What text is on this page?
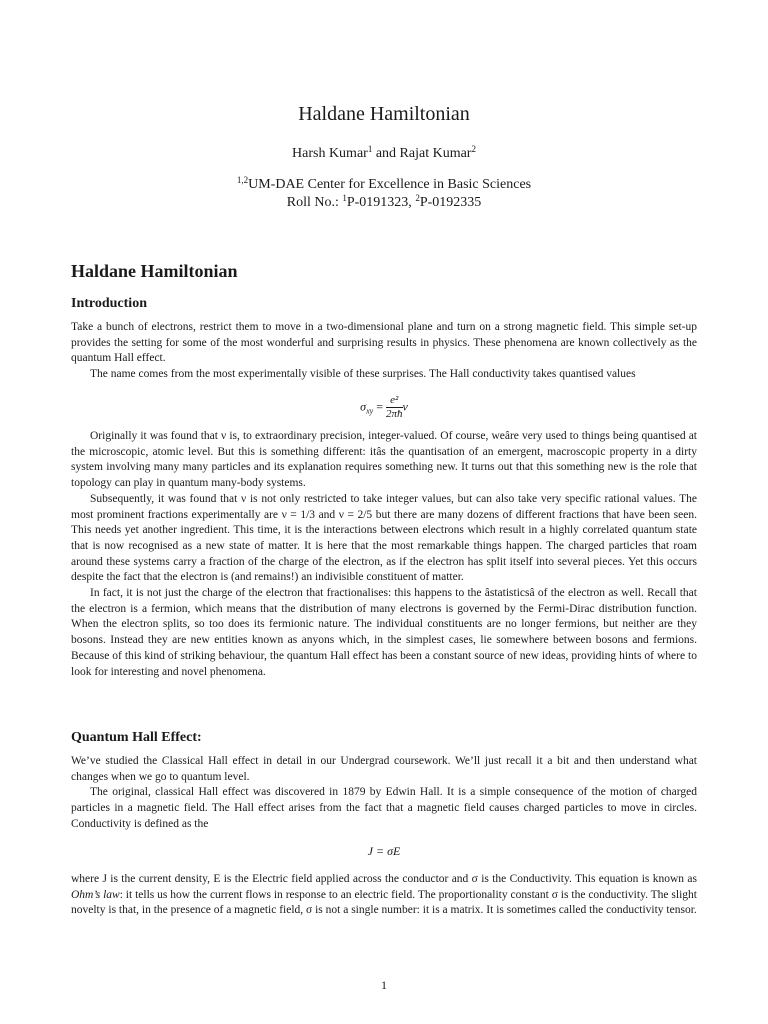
Haldane Hamiltonian
Harsh Kumar$^1$ and Rajat Kumar$^2$
$^{1,2}$UM-DAE Center for Excellence in Basic Sciences
Roll No.: $^1$P-0191323, $^2$P-0192335
Haldane Hamiltonian
Introduction

Take a bunch of electrons, restrict them to move in a two-dimensional plane and turn on a strong magnetic field. This simple set-up provides the setting for some of the most wonderful and surprising results in physics. These phenomena are known collectively as the quantum Hall effect.

The name comes from the most experimentally visible of these surprises. The Hall conductivity takes quantised values

$\sigma_{xy} = \frac{\text{e²}}{2\pi ħ}$ ν

Originally it was found that ν is, to extraordinary precision, integer-valued. Of course, weâre very used to things being quantised at the microscopic, atomic level. But this is something different: itâs the quantisation of an emergent, macroscopic property in a dirty system involving many many particles and its explanation requires something new. It turns out that this something new is the role that topology can play in quantum many-body systems.

Subsequently, it was found that ν is not only restricted to take integer values, but can also take very specific rational values. The most prominent fractions experimentally are ν = 1/3 and ν = 2/5 but there are many dozens of different fractions that have been seen. This needs yet another ingredient. This time, it is the interactions between electrons which result in a highly correlated quantum state that is now recognised as a new state of matter. It is here that the most remarkable things happen. The charged particles that roam around these systems carry a fraction of the charge of the electron, as if the electron has split itself into several pieces. Yet this occurs despite the fact that the electron is (and remains!) an indivisible constituent of matter.

In fact, it is not just the charge of the electron that fractionalises: this happens to the âstatisticsâ of the electron as well. Recall that the electron is a fermion, which means that the distribution of many electrons is governed by the Fermi-Dirac distribution function. When the electron splits, so too does its fermionic nature. The individual constituents are no longer fermions, but neither are they bosons. Instead they are new entities known as anyons which, in the simplest cases, lie somewhere between bosons and fermions. Because of this kind of striking behaviour, the quantum Hall effect has been a constant source of new ideas, providing hints of where to look for interesting and novel phenomena.

Quantum Hall Effect:

We’ve studied the Classical Hall effect in detail in our Undergrad coursework. We’ll just recall it a bit and then understand what changes when we go to quantum level.

The original, classical Hall effect was discovered in 1879 by Edwin Hall. It is a simple consequence of the motion of charged particles in a magnetic field. The Hall effect arises from the fact that a magnetic field causes charged particles to move in circles. Conductivity is defined as the

J = σE

where J is the current density, E is the Electric field applied across the conductor and σ is the Conductivity. This equation is known as Ohm’s law: it tells us how the current flows in response to an electric field. The proportionality constant σ is the conductivity. The slight novelty is that, in the presence of a magnetic field, σ is not a single number: it is a matrix. It is sometimes called the conductivity tensor.

1
